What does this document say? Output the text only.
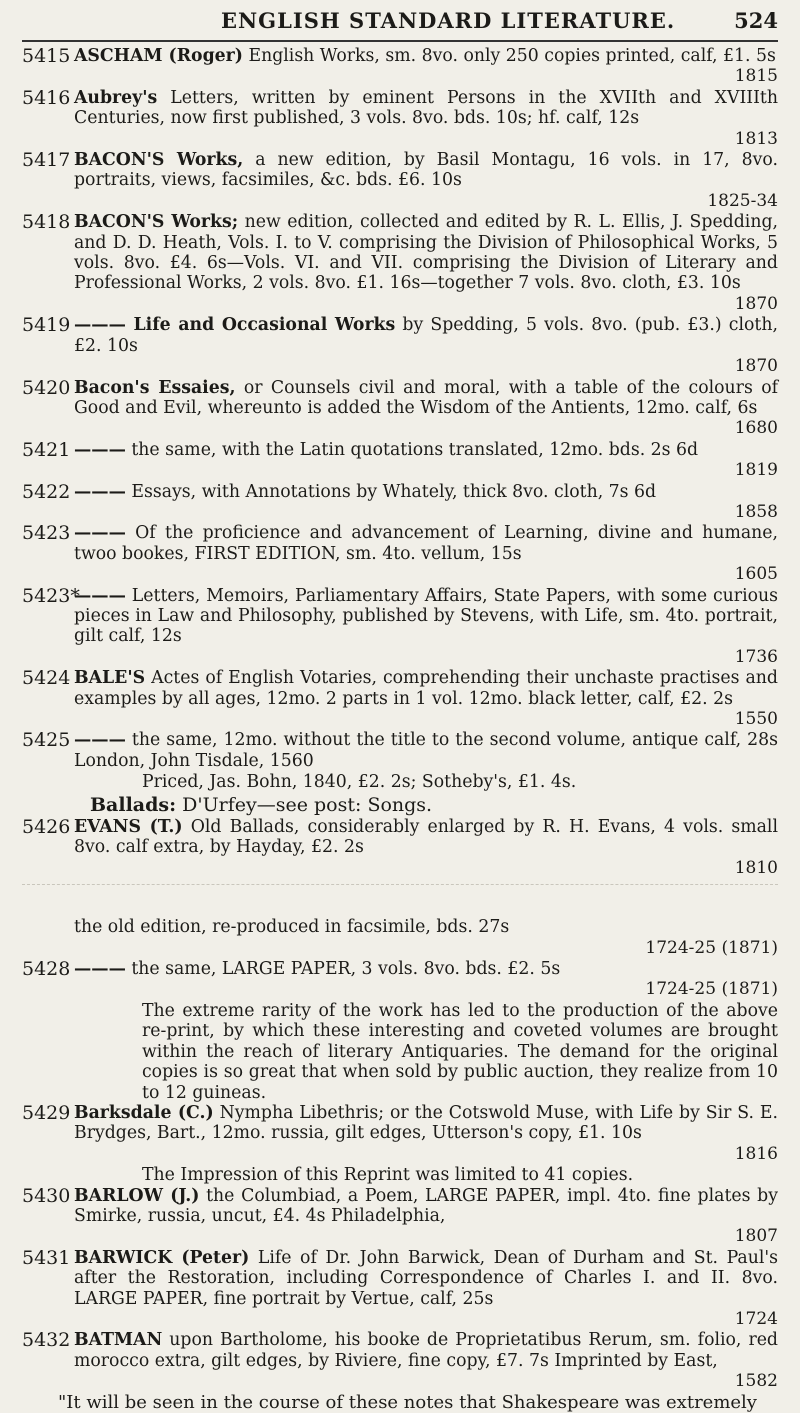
ENGLISH STANDARD LITERATURE.	524
5415 ASCHAM (Roger) English Works, sm. 8vo. only 250 copies printed, calf, £1. 5s
1815
5416 Aubrey's Letters, written by eminent Persons in the XVIIth and XVIIIth Centuries, now first published, 3 vols. 8vo. bds. 10s; hf. calf, 12s
1813
5417 BACON'S Works, a new edition, by Basil Montagu, 16 vols. in 17, 8vo. portraits, views, facsimiles, &c. bds. £6. 10s
1825-34
5418 BACON'S Works; new edition, collected and edited by R. L. Ellis, J. Spedding, and D. D. Heath, Vols. I. to V. comprising the Division of Philosophical Works, 5 vols. 8vo. £4. 6s—Vols. VI. and VII. comprising the Division of Literary and Professional Works, 2 vols. 8vo. £1. 16s—together 7 vols. 8vo. cloth, £3. 10s
1870
5419 ——— Life and Occasional Works by Spedding, 5 vols. 8vo. (pub. £3.) cloth, £2. 10s
1870
5420 Bacon's Essaies, or Counsels civil and moral, with a table of the colours of Good and Evil, whereunto is added the Wisdom of the Antients, 12mo. calf, 6s
1680
5421 ——— the same, with the Latin quotations translated, 12mo. bds. 2s 6d
1819
5422 ——— Essays, with Annotations by Whately, thick 8vo. cloth, 7s 6d
1858
5423 ——— Of the proficience and advancement of Learning, divine and humane, twoo bookes, FIRST EDITION, sm. 4to. vellum, 15s
1605
5423*
——— Letters, Memoirs, Parliamentary Affairs, State Papers, with some curious pieces in Law and Philosophy, published by Stevens, with Life, sm. 4to. portrait, gilt calf, 12s
1736
5424 BALE'S Actes of English Votaries, comprehending their unchaste practises and examples by all ages, 12mo. 2 parts in 1 vol. 12mo. black letter, calf, £2. 2s
1550
5425 ——— the same, 12mo. without the title to the second volume, antique calf, 28s London, John Tisdale, 1560
Priced, Jas. Bohn, 1840, £2. 2s; Sotheby's, £1. 4s.
Ballads: D'Urfey—see post: Songs.
5426 EVANS (T.) Old Ballads, considerably enlarged by R. H. Evans, 4 vols. small 8vo. calf extra, by Hayday, £2. 2s
1810
the old edition, re-produced in facsimile, bds. 27s
1724-25 (1871)
5428 ——— the same, LARGE PAPER, 3 vols. 8vo. bds. £2. 5s
1724-25 (1871)
The extreme rarity of the work has led to the production of the above re-print, by which these interesting and coveted volumes are brought within the reach of literary Antiquaries. The demand for the original copies is so great that when sold by public auction, they realize from 10 to 12 guineas.
5429 Barksdale (C.) Nympha Libethris; or the Cotswold Muse, with Life by Sir S. E. Brydges, Bart., 12mo. russia, gilt edges, Utterson's copy, £1. 10s
1816
The Impression of this Reprint was limited to 41 copies.
5430 BARLOW (J.) the Columbiad, a Poem, LARGE PAPER, impl. 4to. fine plates by Smirke, russia, uncut, £4. 4s Philadelphia,
1807
5431 BARWICK (Peter) Life of Dr. John Barwick, Dean of Durham and St. Paul's after the Restoration, including Correspondence of Charles I. and II. 8vo. LARGE PAPER, fine portrait by Vertue, calf, 25s
1724
5432 BATMAN upon Bartholome, his booke de Proprietatibus Rerum, sm. folio, red morocco extra, gilt edges, by Riviere, fine copy, £7. 7s Imprinted by East,
1582
"It will be seen in the course of these notes that Shakespeare was extremely
